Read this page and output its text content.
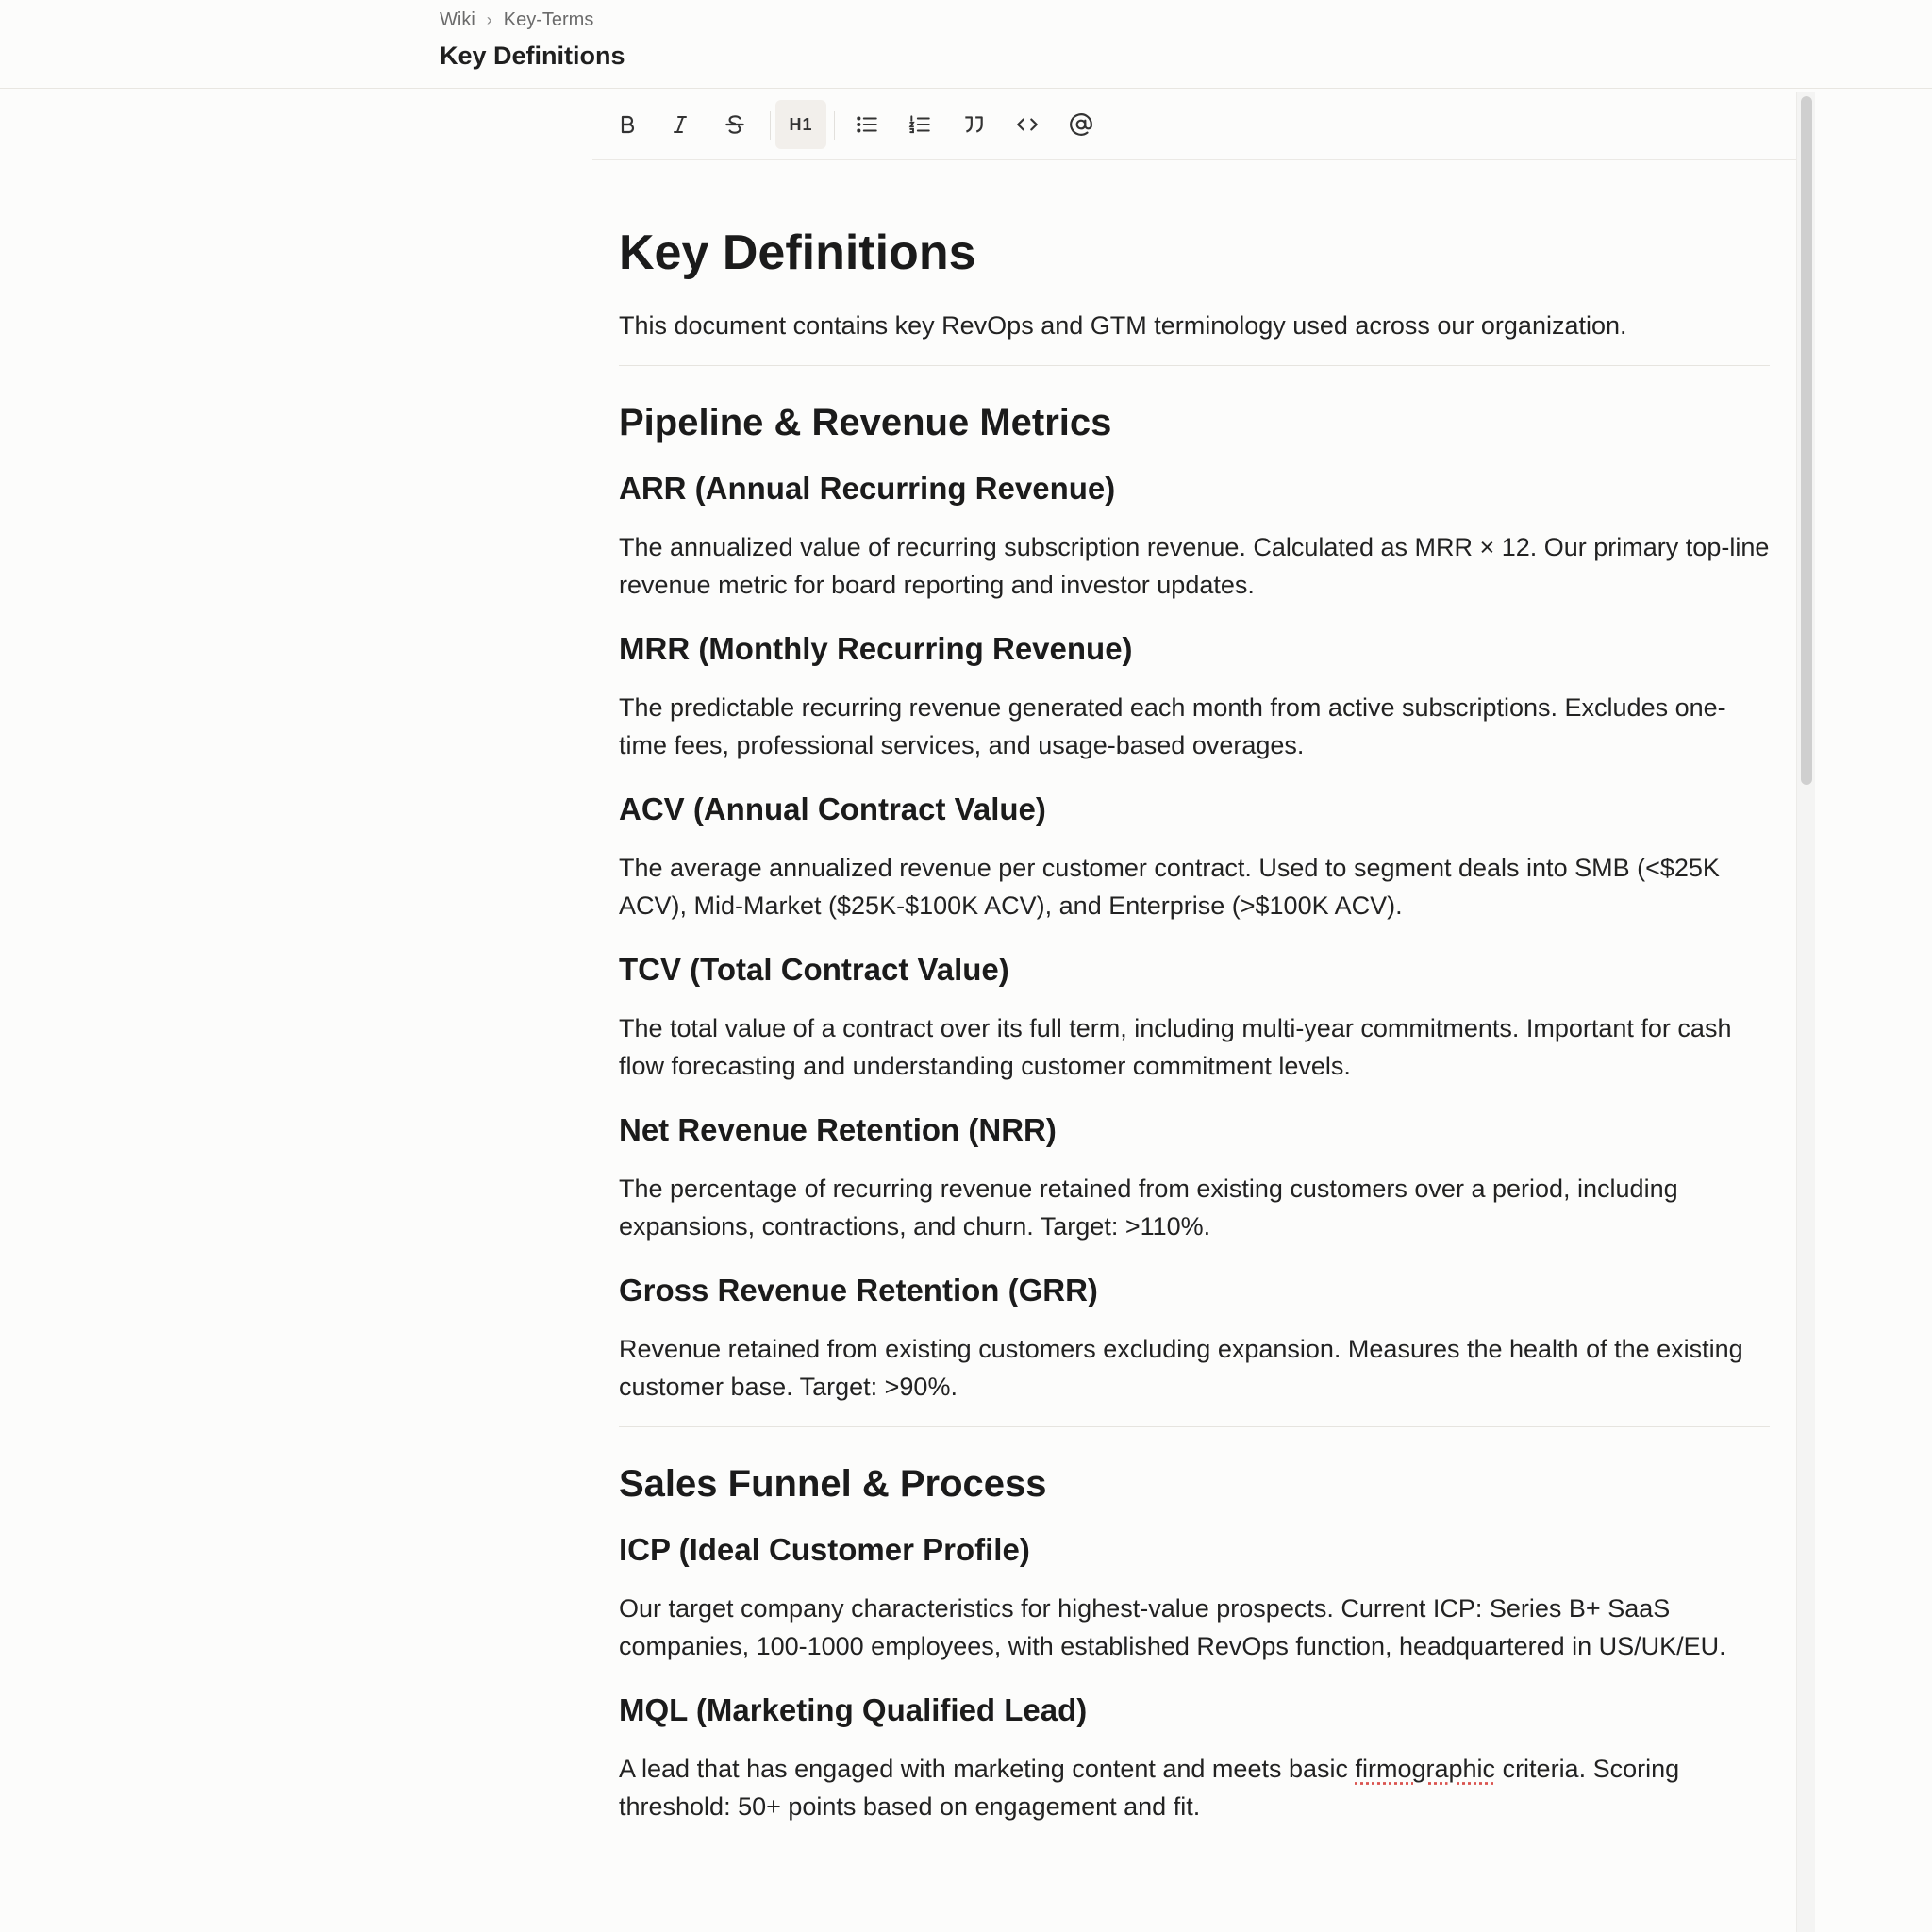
Wiki › Key-Terms
Key Definitions
H1
Key Definitions

This document contains key RevOps and GTM terminology used across our organization.

Pipeline & Revenue Metrics
ARR (Annual Recurring Revenue)

The annualized value of recurring subscription revenue. Calculated as MRR × 12. Our primary top-line revenue metric for board reporting and investor updates.

MRR (Monthly Recurring Revenue)

The predictable recurring revenue generated each month from active subscriptions. Excludes one-time fees, professional services, and usage-based overages.

ACV (Annual Contract Value)

The average annualized revenue per customer contract. Used to segment deals into SMB (<$25K ACV), Mid-Market ($25K-$100K ACV), and Enterprise (>$100K ACV).

TCV (Total Contract Value)

The total value of a contract over its full term, including multi-year commitments. Important for cash flow forecasting and understanding customer commitment levels.

Net Revenue Retention (NRR)

The percentage of recurring revenue retained from existing customers over a period, including expansions, contractions, and churn. Target: >110%.

Gross Revenue Retention (GRR)

Revenue retained from existing customers excluding expansion. Measures the health of the existing customer base. Target: >90%.

Sales Funnel & Process
ICP (Ideal Customer Profile)

Our target company characteristics for highest-value prospects. Current ICP: Series B+ SaaS companies, 100-1000 employees, with established RevOps function, headquartered in US/UK/EU.

MQL (Marketing Qualified Lead)

A lead that has engaged with marketing content and meets basic firmographic criteria. Scoring threshold: 50+ points based on engagement and fit.
